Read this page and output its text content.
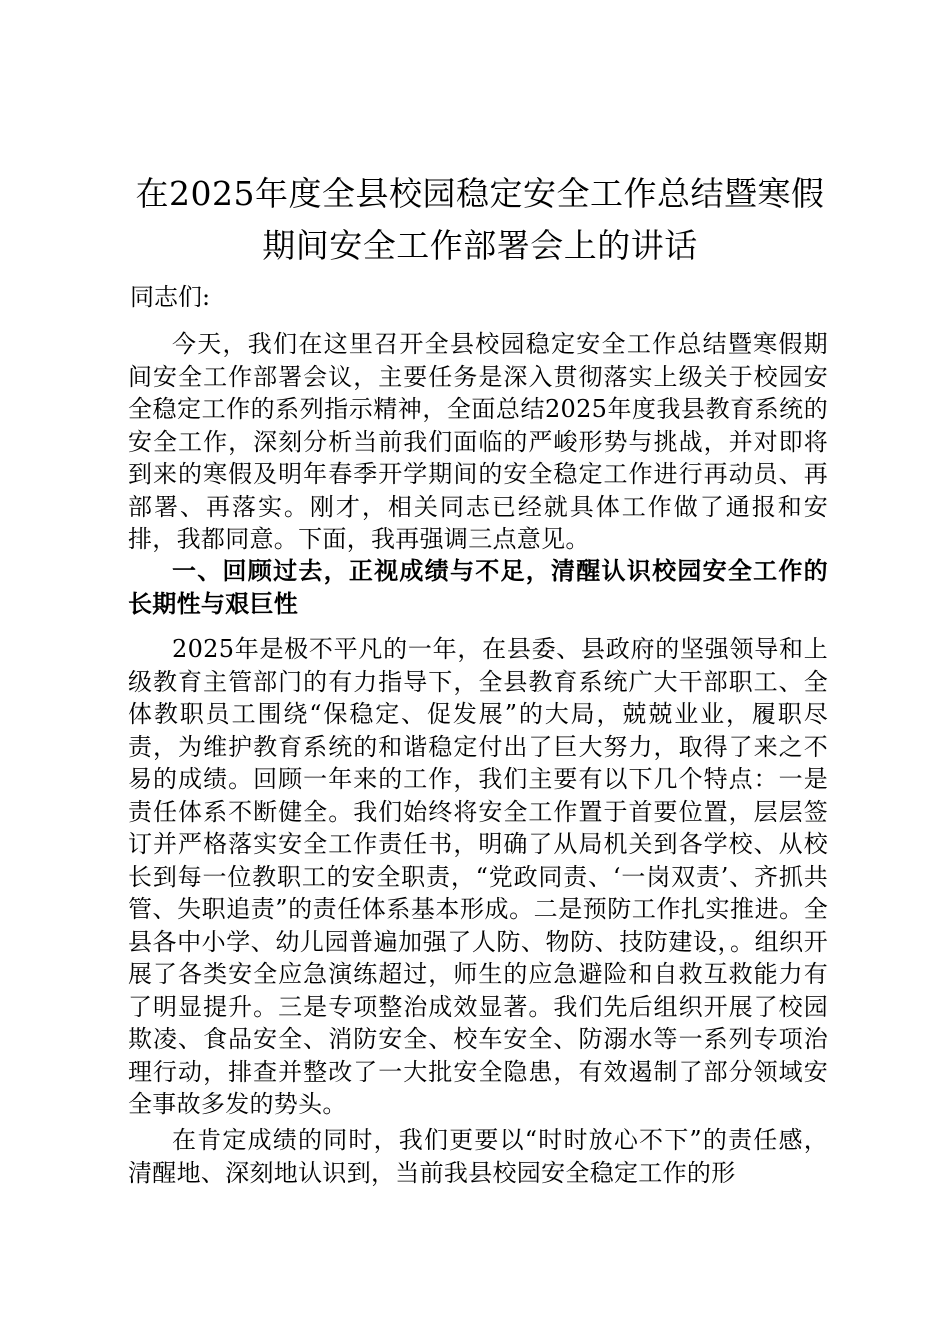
在2025年度全县校园稳定安全工作总结暨寒假期间安全工作部署会上的讲话

同志们:

今天，我们在这里召开全县校园稳定安全工作总结暨寒假期间安全工作部署会议，主要任务是深入贯彻落实上级关于校园安全稳定工作的系列指示精神，全面总结2025年度我县教育系统的安全工作，深刻分析当前我们面临的严峻形势与挑战，并对即将到来的寒假及明年春季开学期间的安全稳定工作进行再动员、再部署、再落实。刚才，相关同志已经就具体工作做了通报和安排，我都同意。下面，我再强调三点意见。

一、回顾过去，正视成绩与不足，清醒认识校园安全工作的长期性与艰巨性

2025年是极不平凡的一年，在县委、县政府的坚强领导和上级教育主管部门的有力指导下，全县教育系统广大干部职工、全体教职员工围绕“保稳定、促发展”的大局，兢兢业业，履职尽责，为维护教育系统的和谐稳定付出了巨大努力，取得了来之不易的成绩。回顾一年来的工作，我们主要有以下几个特点：一是责任体系不断健全。我们始终将安全工作置于首要位置，层层签订并严格落实安全工作责任书，明确了从局机关到各学校、从校长到每一位教职工的安全职责，“党政同责、‘一岗双责’、齐抓共管、失职追责”的责任体系基本形成。二是预防工作扎实推进。全县各中小学、幼儿园普遍加强了人防、物防、技防建设，。组织开展了各类安全应急演练超过，师生的应急避险和自救互救能力有了明显提升。三是专项整治成效显著。我们先后组织开展了校园欺凌、食品安全、消防安全、校车安全、防溺水等一系列专项治理行动，排查并整改了一大批安全隐患，有效遏制了部分领域安全事故多发的势头。

在肯定成绩的同时，我们更要以“时时放心不下”的责任感，清醒地、深刻地认识到，当前我县校园安全稳定工作的形
